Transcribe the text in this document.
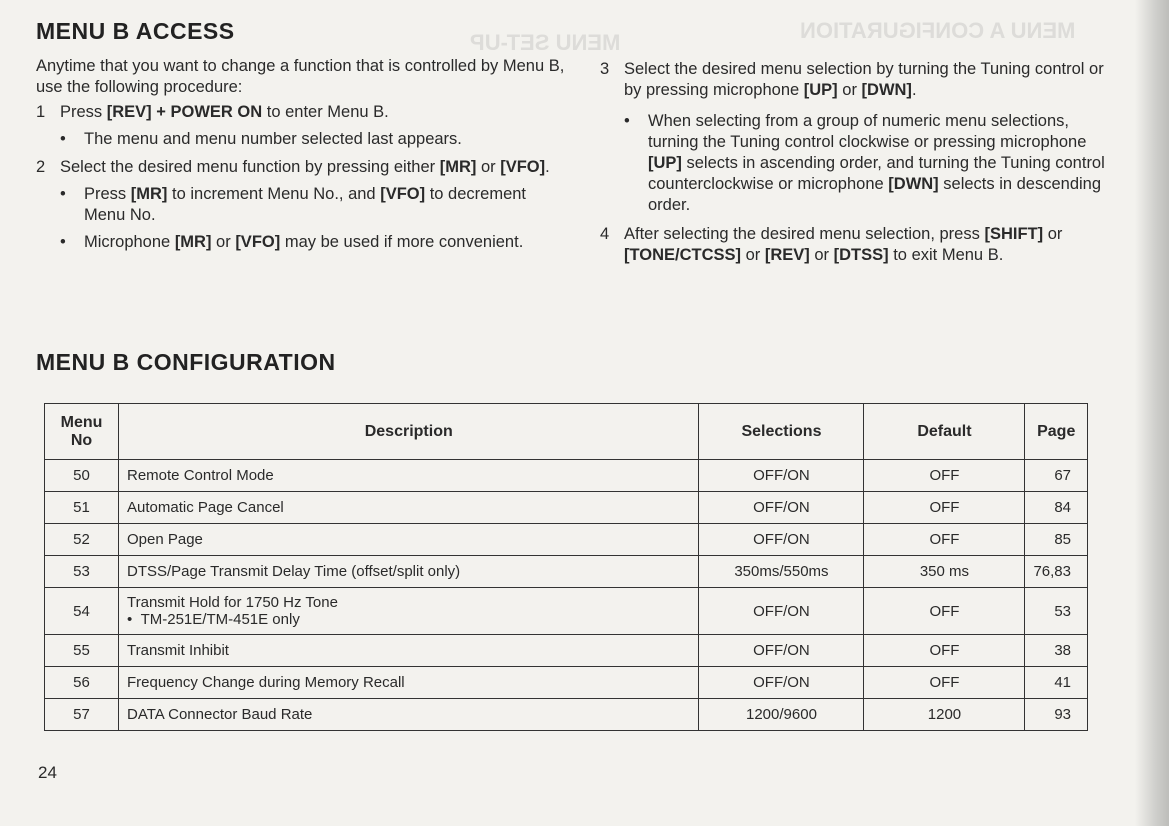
MENU A CONFIGURATION
MENU SET-UP
MENU B ACCESS

Anytime that you want to change a function that is controlled by Menu B, use the following procedure:

1 Press [REV] + POWER ON to enter Menu B.
•	The menu and menu number selected last appears.
2 Select the desired menu function by pressing either [MR] or [VFO].
•	Press [MR] to increment Menu No., and [VFO] to decrement Menu No.
•	Microphone [MR] or [VFO] may be used if more convenient.
3 Select the desired menu selection by turning the Tuning control or by pressing microphone [UP] or [DWN].
•	When selecting from a group of numeric menu selections, turning the Tuning control clockwise or pressing microphone [UP] selects in ascending order, and turning the Tuning control counterclockwise or microphone [DWN] selects in descending order.
4 After selecting the desired menu selection, press [SHIFT] or [TONE/CTCSS] or [REV] or [DTSS] to exit Menu B.
MENU B CONFIGURATION
Menu No	Description	Selections	Default	Page
50	Remote Control Mode	OFF/ON	OFF	67
51	Automatic Page Cancel	OFF/ON	OFF	84
52	Open Page	OFF/ON	OFF	85
53	DTSS/Page Transmit Delay Time (offset/split only)	350ms/550ms	350 ms	76,83
54	Transmit Hold for 1750 Hz Tone
•  TM-251E/TM-451E only	OFF/ON	OFF	53
55	Transmit Inhibit	OFF/ON	OFF	38
56	Frequency Change during Memory Recall	OFF/ON	OFF	41
57	DATA Connector Baud Rate	1200/9600	1200	93
24
